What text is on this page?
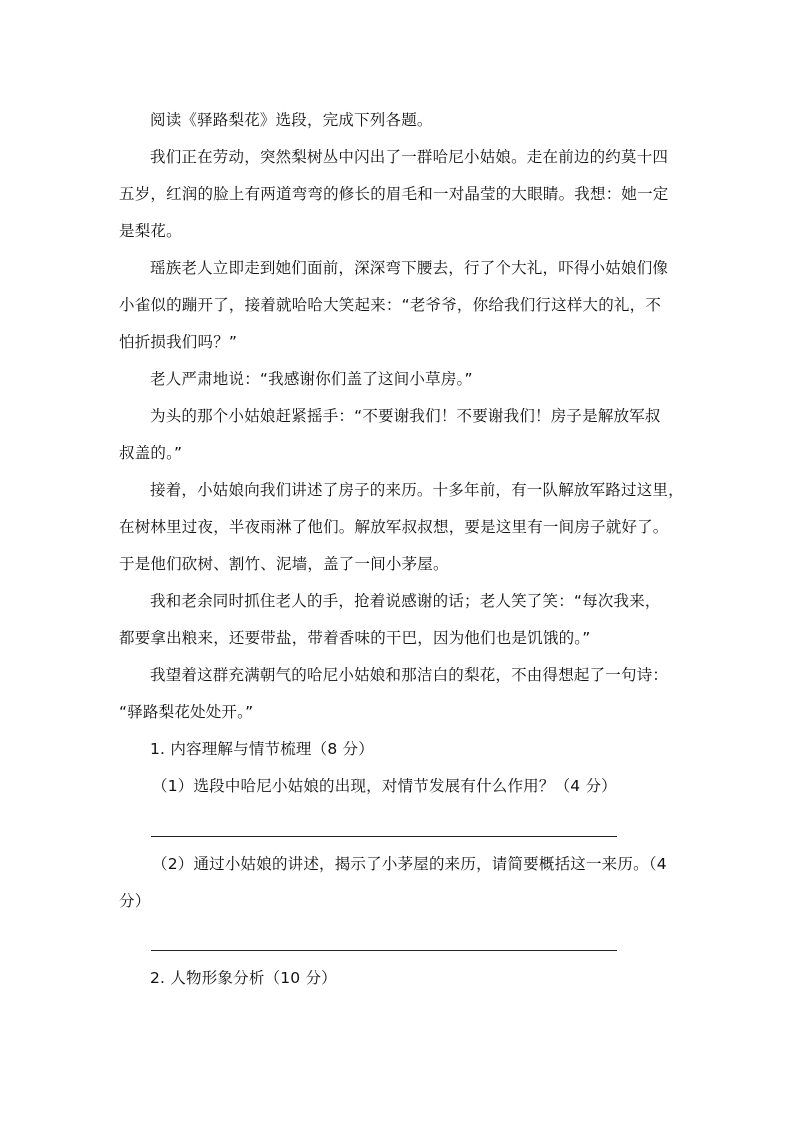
阅读《驿路梨花》选段，完成下列各题。
我们正在劳动，突然梨树丛中闪出了一群哈尼小姑娘。走在前边的约莫十四
五岁，红润的脸上有两道弯弯的修长的眉毛和一对晶莹的大眼睛。我想：她一定
是梨花。
瑶族老人立即走到她们面前，深深弯下腰去，行了个大礼，吓得小姑娘们像
小雀似的蹦开了，接着就哈哈大笑起来：“老爷爷，你给我们行这样大的礼，不
怕折损我们吗？”
老人严肃地说：“我感谢你们盖了这间小草房。”
为头的那个小姑娘赶紧摇手：“不要谢我们！不要谢我们！房子是解放军叔
叔盖的。”
接着，小姑娘向我们讲述了房子的来历。十多年前，有一队解放军路过这里，
在树林里过夜，半夜雨淋了他们。解放军叔叔想，要是这里有一间房子就好了。
于是他们砍树、割竹、泥墙，盖了一间小茅屋。
我和老余同时抓住老人的手，抢着说感谢的话；老人笑了笑：“每次我来，
都要拿出粮来，还要带盐，带着香味的干巴，因为他们也是饥饿的。”
我望着这群充满朝气的哈尼小姑娘和那洁白的梨花，不由得想起了一句诗：
“驿路梨花处处开。”
1. 内容理解与情节梳理（8 分）
（1）选段中哈尼小姑娘的出现，对情节发展有什么作用？（4 分）
（2）通过小姑娘的讲述，揭示了小茅屋的来历，请简要概括这一来历。（4
分）
2. 人物形象分析（10 分）
